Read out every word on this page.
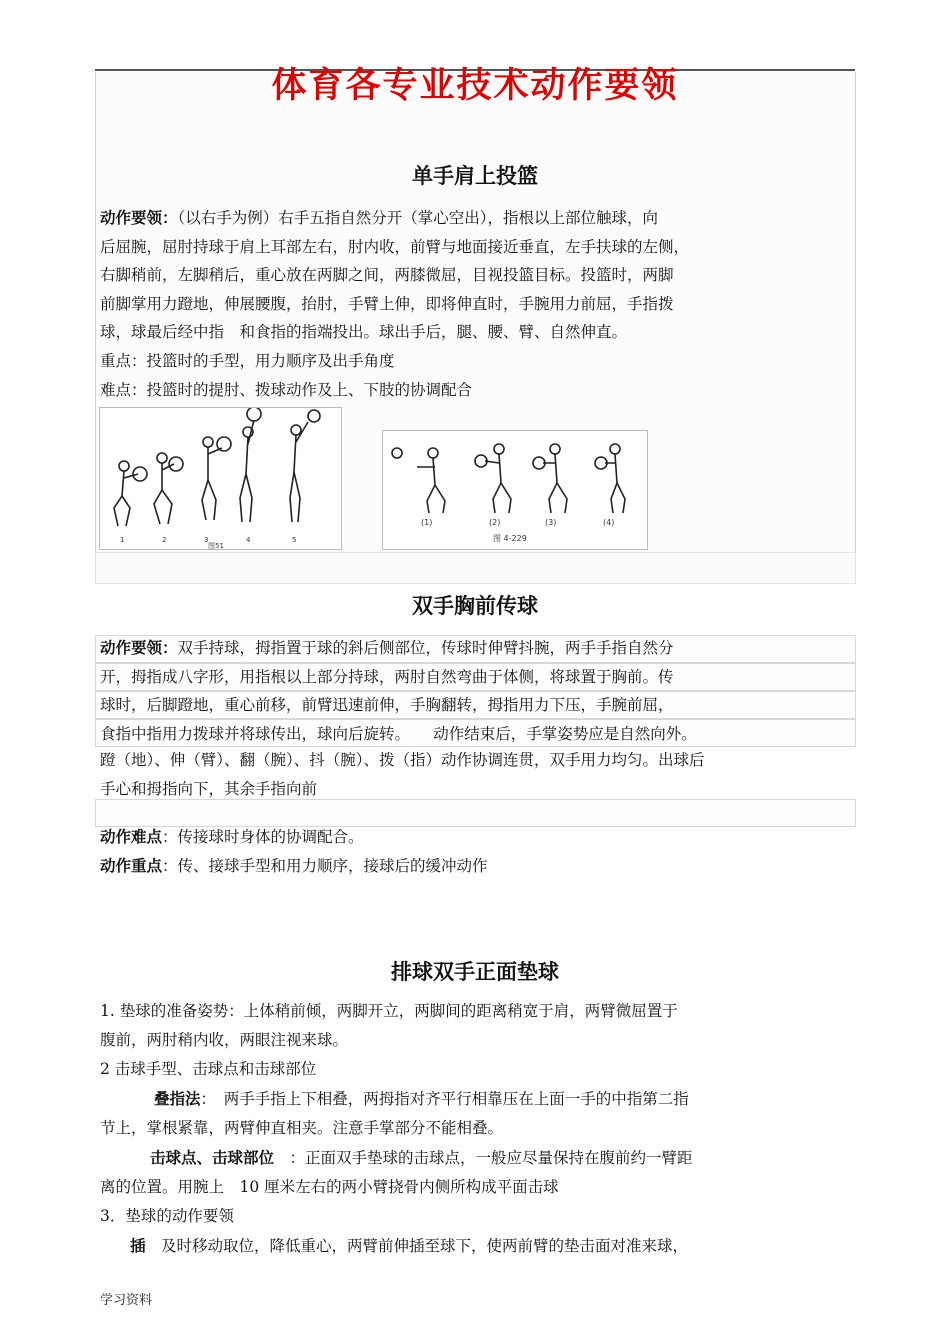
体育各专业技术动作要领
单手肩上投篮
动作要领：（以右手为例）右手五指自然分开（掌心空出），指根以上部位触球，向
后屈腕，屈肘持球于肩上耳部左右，肘内收，前臂与地面接近垂直，左手扶球的左侧，
右脚稍前，左脚稍后，重心放在两脚之间，两膝微屈，目视投篮目标。投篮时，两脚
前脚掌用力蹬地，伸展腰腹，抬肘，手臂上伸，即将伸直时，手腕用力前屈，手指拨
球，球最后经中指　和食指的指端投出。球出手后，腿、腰、臂、自然伸直。
重点：投篮时的手型，用力顺序及出手角度
难点：投篮时的提肘、拨球动作及上、下肢的协调配合
1	2	3	4	5
图51
(1)	(2)	(3)	(4)
图 4-229
双手胸前传球
动作要领：双手持球，拇指置于球的斜后侧部位，传球时伸臂抖腕，两手手指自然分
开，拇指成八字形，用指根以上部分持球，两肘自然弯曲于体侧，将球置于胸前。传
球时，后脚蹬地，重心前移，前臂迅速前伸，手胸翻转，拇指用力下压，手腕前屈，
食指中指用力拨球并将球传出，球向后旋转。　　动作结束后，手掌姿势应是自然向外。
蹬（地）、伸（臂）、翻（腕）、抖（腕）、拨（指）动作协调连贯，双手用力均匀。出球后
手心和拇指向下，其余手指向前
动作难点：传接球时身体的协调配合。
动作重点：传、接球手型和用力顺序，接球后的缓冲动作
排球双手正面垫球
1. 垫球的准备姿势：上体稍前倾，两脚开立，两脚间的距离稍宽于肩，两臂微屈置于
腹前，两肘稍内收，两眼注视来球。
2 击球手型、击球点和击球部位
叠指法：　两手手指上下相叠，两拇指对齐平行相靠压在上面一手的中指第二指
节上，掌根紧靠，两臂伸直相夹。注意手掌部分不能相叠。
击球点、击球部位　：正面双手垫球的击球点，一般应尽量保持在腹前约一臂距
离的位置。用腕上　10 厘米左右的两小臂挠骨内侧所构成平面击球
3．垫球的动作要领
插　及时移动取位，降低重心，两臂前伸插至球下，使两前臂的垫击面对准来球，
学习资料
